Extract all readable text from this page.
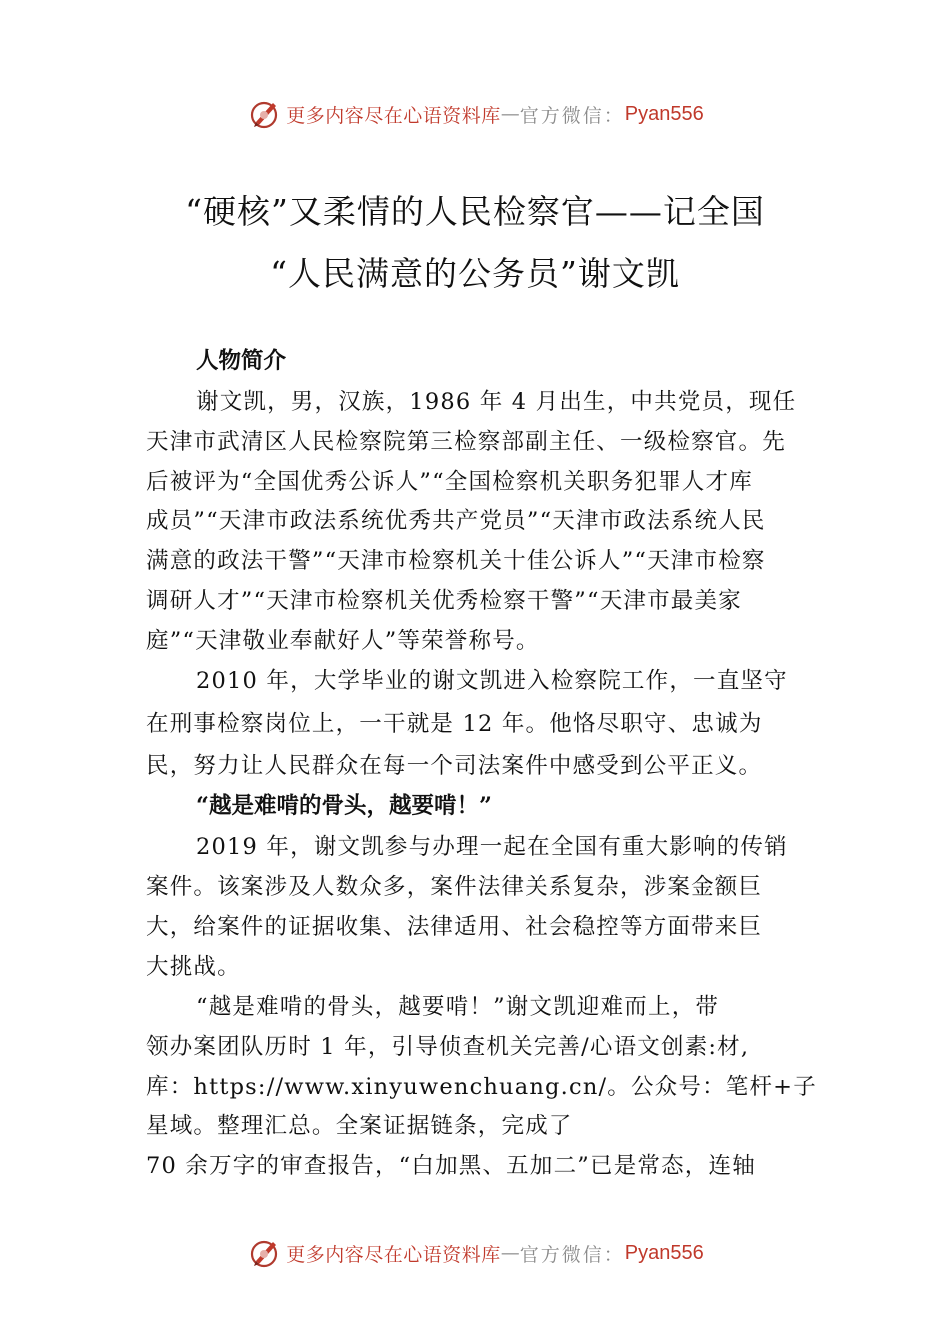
更多内容尽在心语资料库 — 官方微信： Pyan556
“硬核”又柔情的人民检察官——记全国
“人民满意的公务员”谢文凯
人物简介
谢文凯，男，汉族，1986 年 4 月出生，中共党员，现任
天津市武清区人民检察院第三检察部副主任、一级检察官。先
后被评为“全国优秀公诉人”“全国检察机关职务犯罪人才库
成员”“天津市政法系统优秀共产党员”“天津市政法系统人民
满意的政法干警”“天津市检察机关十佳公诉人”“天津市检察
调研人才”“天津市检察机关优秀检察干警”“天津市最美家
庭”“天津敬业奉献好人”等荣誉称号。
2010 年，大学毕业的谢文凯进入检察院工作，一直坚守
在刑事检察岗位上，一干就是 12 年。他恪尽职守、忠诚为
民，努力让人民群众在每一个司法案件中感受到公平正义。
“越是难啃的骨头，越要啃！”
2019 年，谢文凯参与办理一起在全国有重大影响的传销
案件。该案涉及人数众多，案件法律关系复杂，涉案金额巨
大，给案件的证据收集、法律适用、社会稳控等方面带来巨
大挑战。
“越是难啃的骨头，越要啃！”谢文凯迎难而上，带
领办案团队历时 1 年，引导侦查机关完善/心语文创素:材,
库：https://www.xinyuwenchuang.cn/。公众号：笔杆+子
星域。整理汇总。全案证据链条，完成了
70 余万字的审查报告，“白加黑、五加二”已是常态，连轴
更多内容尽在心语资料库 — 官方微信： Pyan556
